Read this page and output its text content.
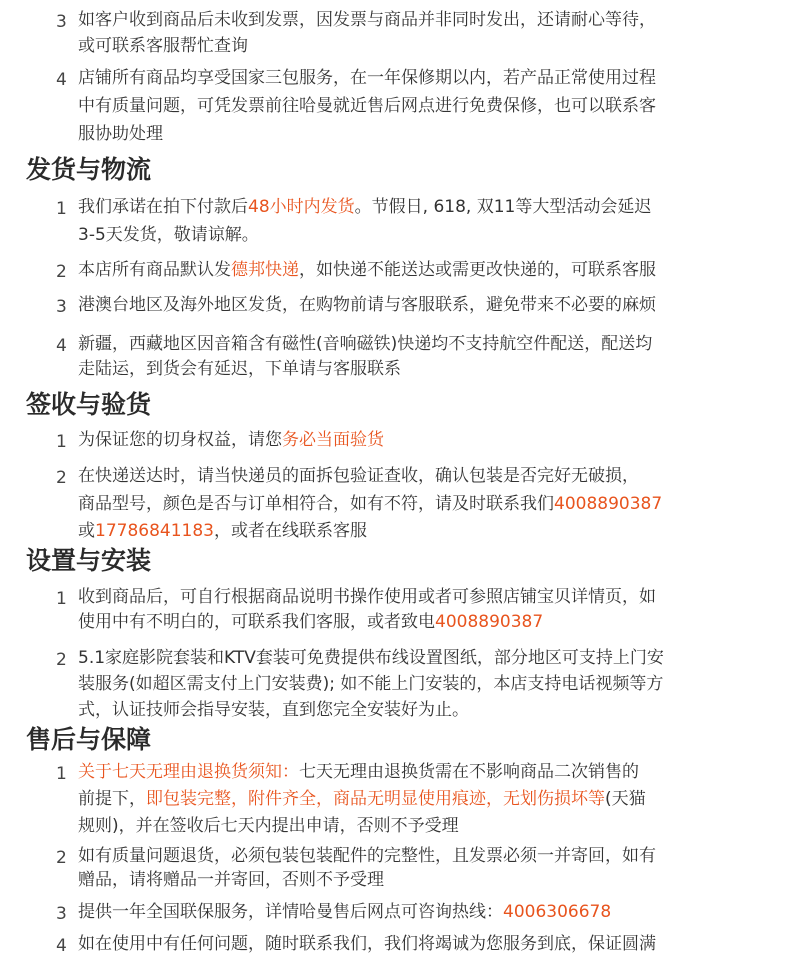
3 如客户收到商品后未收到发票，因发票与商品并非同时发出，还请耐心等待，
或可联系客服帮忙查询
4 店铺所有商品均享受国家三包服务，在一年保修期以内，若产品正常使用过程
中有质量问题，可凭发票前往哈曼就近售后网点进行免费保修，也可以联系客
服协助处理
发货与物流
1 我们承诺在拍下付款后48小时内发货。节假日, 618, 双11等大型活动会延迟
3-5天发货，敬请谅解。
2 本店所有商品默认发德邦快递，如快递不能送达或需更改快递的，可联系客服
3 港澳台地区及海外地区发货，在购物前请与客服联系，避免带来不必要的麻烦
4 新疆，西藏地区因音箱含有磁性(音响磁铁)快递均不支持航空件配送，配送均
走陆运，到货会有延迟，下单请与客服联系
签收与验货
1 为保证您的切身权益，请您务必当面验货
2 在快递送达时，请当快递员的面拆包验证查收，确认包装是否完好无破损，
商品型号，颜色是否与订单相符合，如有不符，请及时联系我们4008890387
或17786841183，或者在线联系客服
设置与安装
1 收到商品后，可自行根据商品说明书操作使用或者可参照店铺宝贝详情页，如
使用中有不明白的，可联系我们客服，或者致电4008890387
2 5.1家庭影院套装和KTV套装可免费提供布线设置图纸，部分地区可支持上门安
装服务(如超区需支付上门安装费); 如不能上门安装的，本店支持电话视频等方
式，认证技师会指导安装，直到您完全安装好为止。
售后与保障
1 关于七天无理由退换货须知：七天无理由退换货需在不影响商品二次销售的
前提下，即包装完整，附件齐全，商品无明显使用痕迹，无划伤损坏等(天猫
规则)，并在签收后七天内提出申请，否则不予受理
2 如有质量问题退货，必须包装包装配件的完整性，且发票必须一并寄回，如有
赠品，请将赠品一并寄回，否则不予受理
3 提供一年全国联保服务，详情哈曼售后网点可咨询热线：4006306678
4 如在使用中有任何问题，随时联系我们，我们将竭诚为您服务到底，保证圆满
